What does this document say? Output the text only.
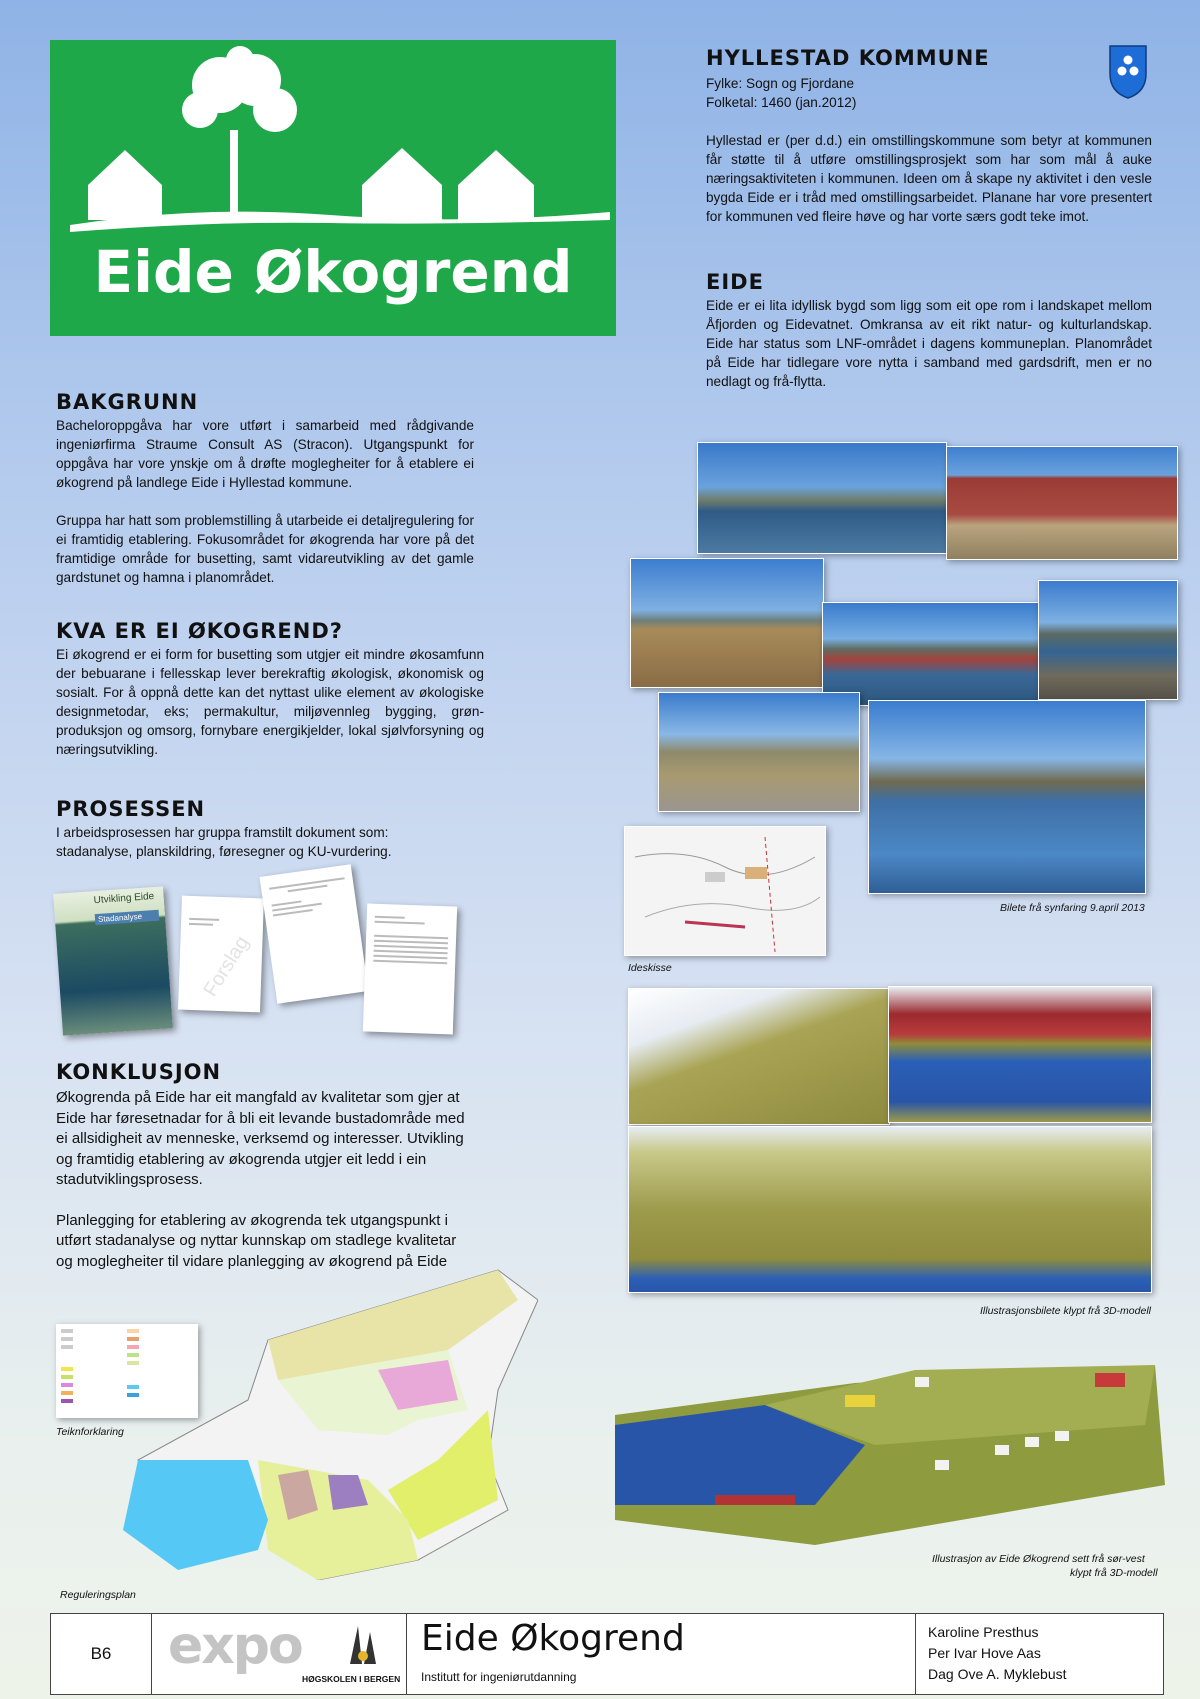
Eide Økogrend
HYLLESTAD KOMMUNE
Fylke: Sogn og Fjordane
Folketal: 1460 (jan.2012)

Hyllestad er (per d.d.) ein omstillingskommune som betyr at kommunen får støtte til å utføre omstillingsprosjekt som har som mål å auke næringsaktiviteten i kommunen. Ideen om å skape ny aktivitet i den vesle bygda Eide er i tråd med omstillingsarbeidet. Planane har vore presentert for kommunen ved fleire høve og har vorte særs godt teke imot.

EIDE

Eide er ei lita idyllisk bygd som ligg som eit ope rom i landskapet mellom Åfjorden og Eidevatnet. Omkransa av eit rikt natur- og kulturlandskap. Eide har status som LNF-området i dagens kommuneplan. Planområdet på Eide har tidlegare vore nytta i samband med gardsdrift, men er no nedlagt og frå-flytta.

BAKGRUNN

Bacheloroppgåva har vore utført i samarbeid med rådgivande ingeniørfirma Straume Consult AS (Stracon). Utgangspunkt for oppgåva har vore ynskje om å drøfte moglegheiter for å etablere ei økogrend på landlege Eide i Hyllestad kommune.

Gruppa har hatt som problemstilling å utarbeide ei detaljregulering for ei framtidig etablering. Fokusområdet for økogrenda har vore på det framtidige område for busetting, samt vidareutvikling av det gamle gardstunet og hamna i planområdet.

KVA ER EI ØKOGREND?

Ei økogrend er ei form for busetting som utgjer eit mindre økosamfunn der bebuarane i fellesskap lever berekraftig økologisk, økonomisk og sosialt. For å oppnå dette kan det nyttast ulike element av økologiske designmetodar, eks; permakultur, miljøvennleg bygging, grøn-produksjon og omsorg, fornybare energikjelder, lokal sjølvforsyning og næringsutvikling.

PROSESSEN

I arbeidsprosessen har gruppa framstilt dokument som: stadanalyse, planskildring, føresegner og KU-vurdering.

Utvikling Eide
Stadanalyse
Forslag
KONKLUSJON

Økogrenda på Eide har eit mangfald av kvalitetar som gjer at Eide har føresetnadar for å bli eit levande bustadområde med ei allsidigheit av menneske, verksemd og interesser. Utvikling og framtidig etablering av økogrenda utgjer eit ledd i ein stadutviklingsprosess.

Planlegging for etablering av økogrenda tek utgangspunkt i utført stadanalyse og nyttar kunnskap om stadlege kvalitetar og moglegheiter til vidare planlegging av økogrend på Eide

Bilete frå synfaring 9.april 2013
Ideskisse
Illustrasjonsbilete klypt frå 3D-modell
Illustrasjon av Eide Økogrend sett frå sør-vest
klypt frå 3D-modell
Teiknforklaring
Reguleringsplan
B6	expo
HØGSKOLEN I BERGEN
Eide Økogrend
Institutt for ingeniørutdanning
Karoline Presthus
Per Ivar Hove Aas
Dag Ove A. Myklebust
